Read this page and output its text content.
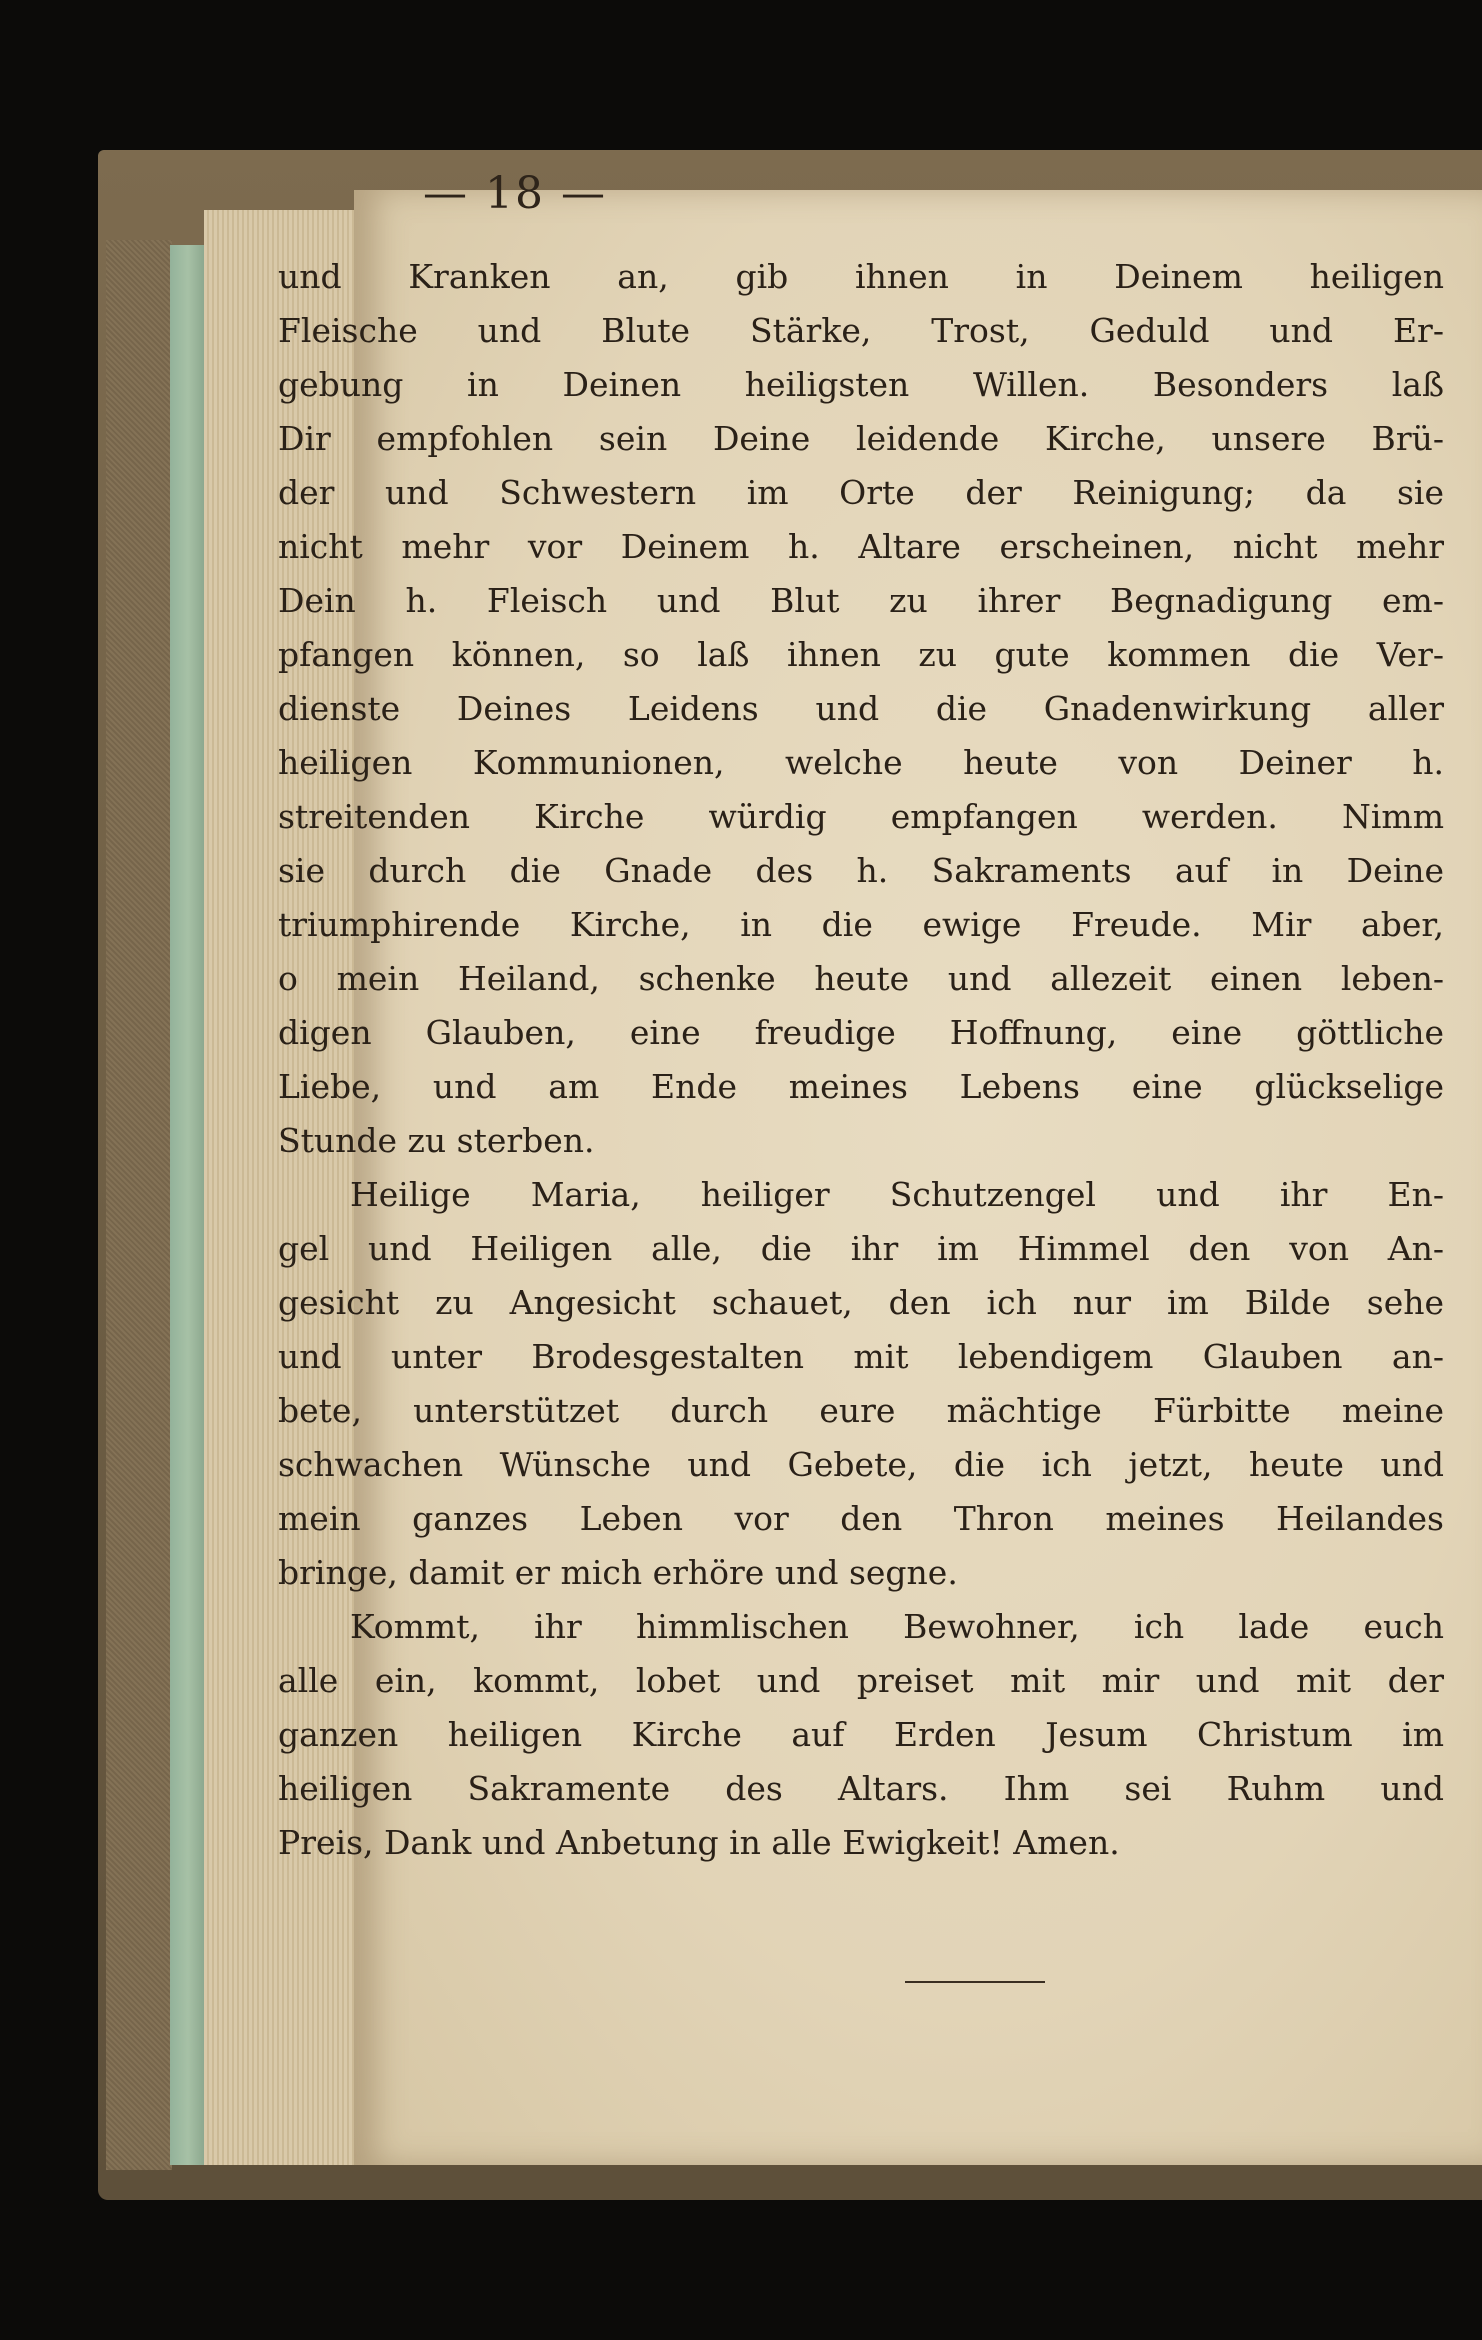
— 18 —
und Kranken an, gib ihnen in Deinem heiligen
Fleische und Blute Stärke, Trost, Geduld und Er-
gebung in Deinen heiligsten Willen. Besonders laß
Dir empfohlen sein Deine leidende Kirche, unsere Brü-
der und Schwestern im Orte der Reinigung; da sie
nicht mehr vor Deinem h. Altare erscheinen, nicht mehr
Dein h. Fleisch und Blut zu ihrer Begnadigung em-
pfangen können, so laß ihnen zu gute kommen die Ver-
dienste Deines Leidens und die Gnadenwirkung aller
heiligen Kommunionen, welche heute von Deiner h.
streitenden Kirche würdig empfangen werden. Nimm
sie durch die Gnade des h. Sakraments auf in Deine
triumphirende Kirche, in die ewige Freude. Mir aber,
o mein Heiland, schenke heute und allezeit einen leben-
digen Glauben, eine freudige Hoffnung, eine göttliche
Liebe, und am Ende meines Lebens eine glückselige
Stunde zu sterben.
Heilige Maria, heiliger Schutzengel und ihr En-
gel und Heiligen alle, die ihr im Himmel den von An-
gesicht zu Angesicht schauet, den ich nur im Bilde sehe
und unter Brodesgestalten mit lebendigem Glauben an-
bete, unterstützet durch eure mächtige Fürbitte meine
schwachen Wünsche und Gebete, die ich jetzt, heute und
mein ganzes Leben vor den Thron meines Heilandes
bringe, damit er mich erhöre und segne.
Kommt, ihr himmlischen Bewohner, ich lade euch
alle ein, kommt, lobet und preiset mit mir und mit der
ganzen heiligen Kirche auf Erden Jesum Christum im
heiligen Sakramente des Altars. Ihm sei Ruhm und
Preis, Dank und Anbetung in alle Ewigkeit! Amen.
